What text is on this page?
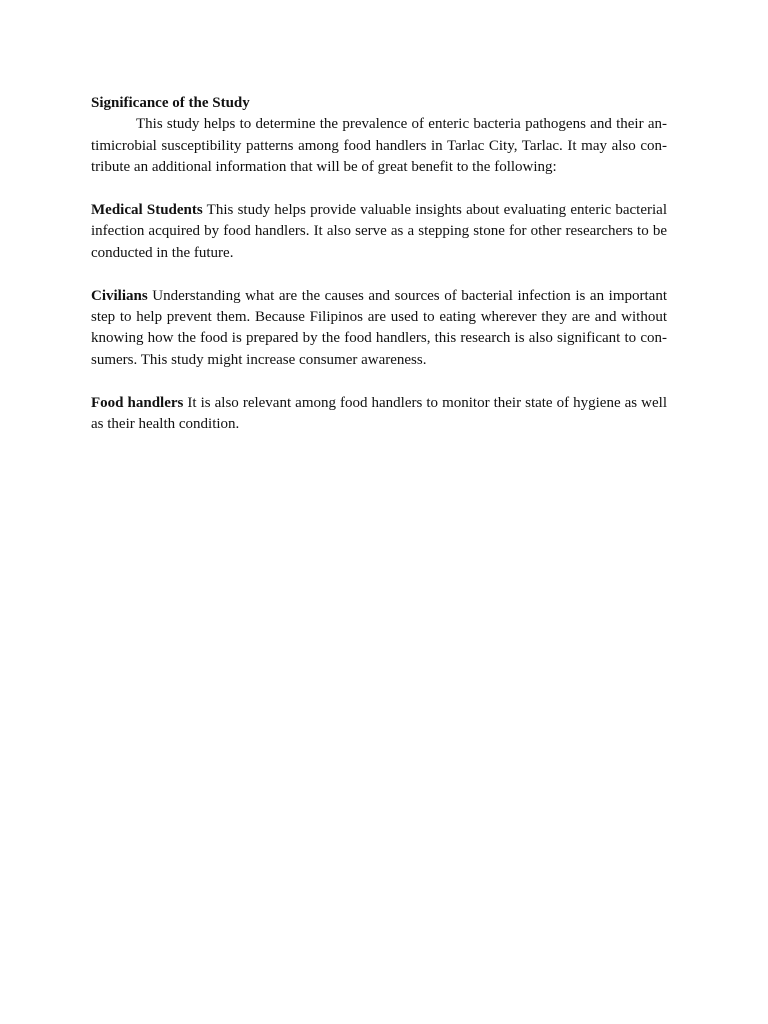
Significance of the Study

This study helps to determine the prevalence of enteric bacteria pathogens and their antimicrobial susceptibility patterns among food handlers in Tarlac City, Tarlac. It may also contribute an additional information that will be of great benefit to the following:

Medical Students This study helps provide valuable insights about evaluating enteric bacterial infection acquired by food handlers. It also serve as a stepping stone for other researchers to be conducted in the future.

Civilians Understanding what are the causes and sources of bacterial infection is an important step to help prevent them. Because Filipinos are used to eating wherever they are and without knowing how the food is prepared by the food handlers, this research is also significant to consumers. This study might increase consumer awareness.

Food handlers It is also relevant among food handlers to monitor their state of hygiene as well as their health condition.
